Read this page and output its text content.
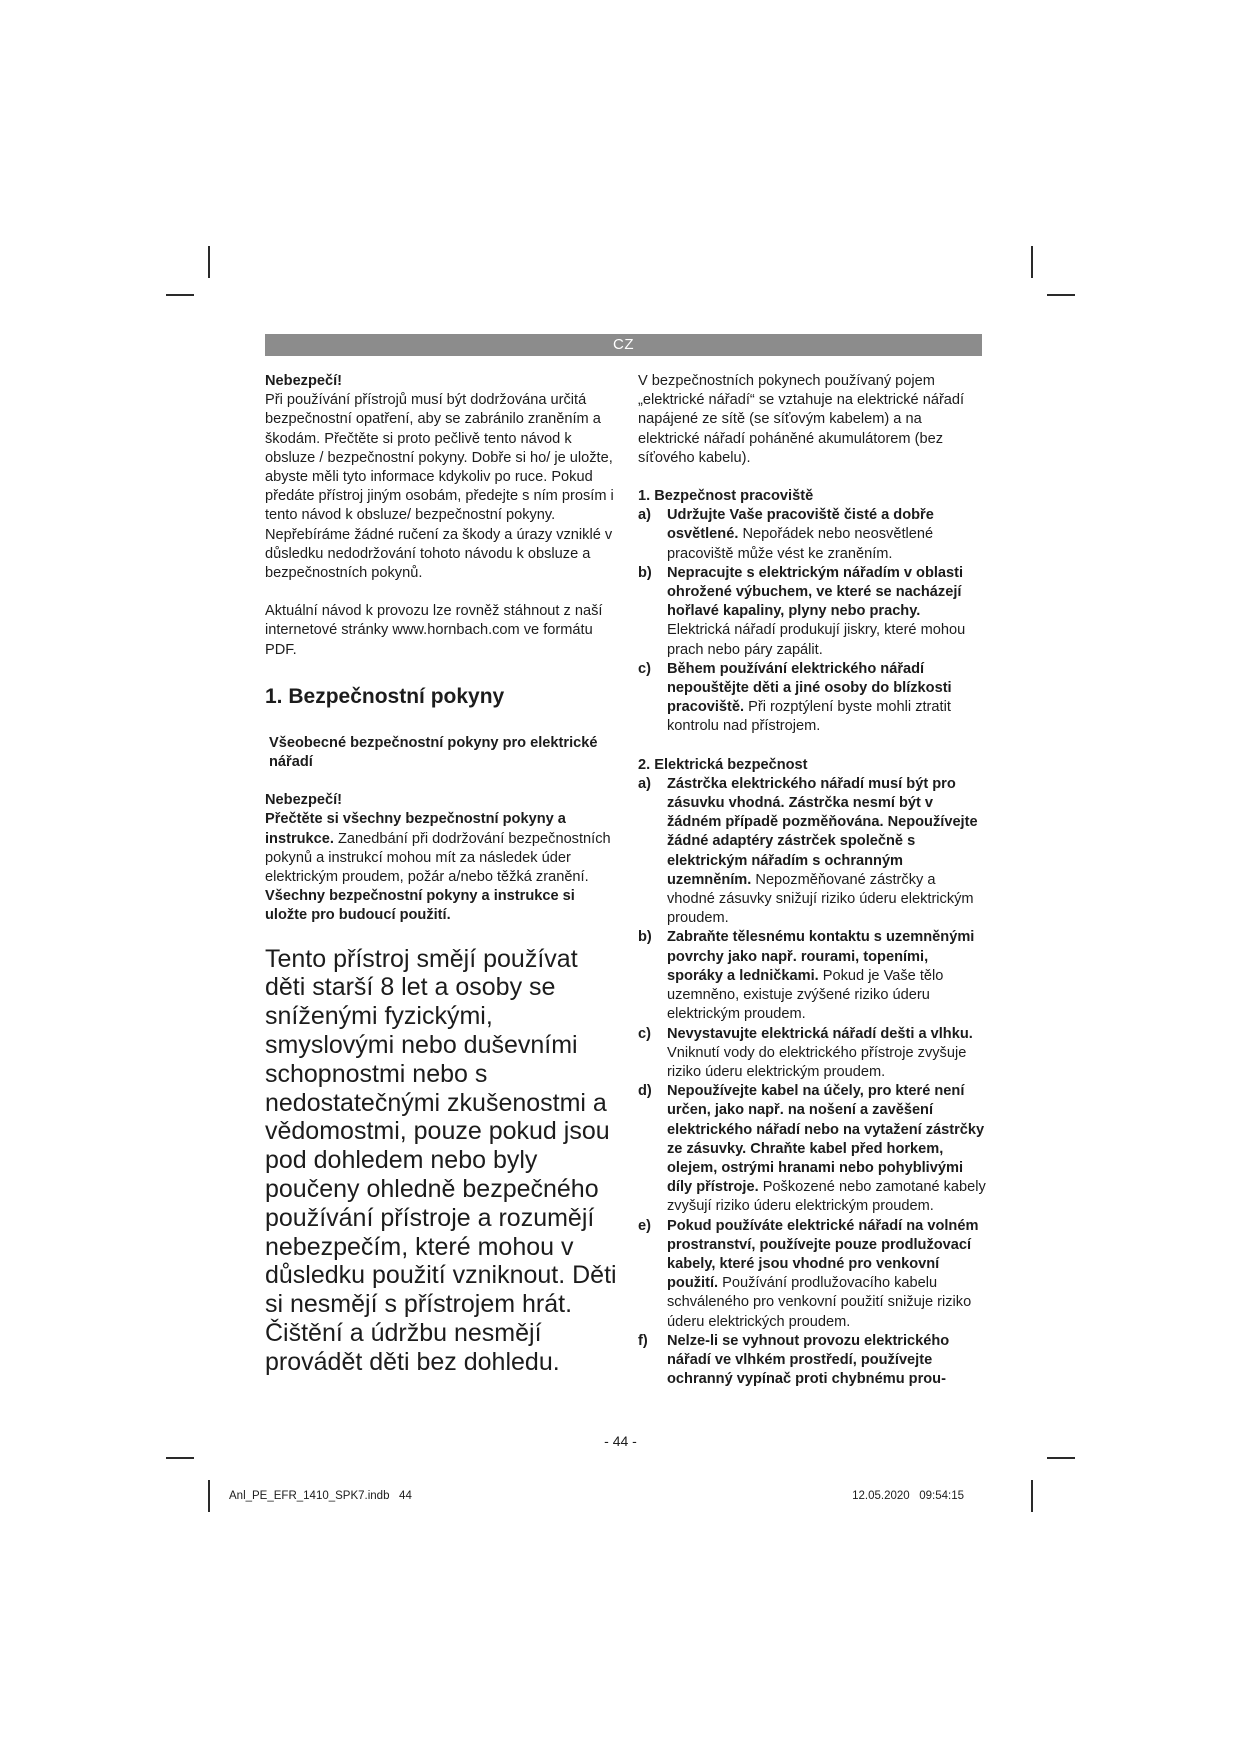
CZ

Nebezpečí!

Při používání přístrojů musí být dodržována určitá bezpečnostní opatření, aby se zabránilo zraněním a škodám. Přečtěte si proto pečlivě tento návod k obsluze / bezpečnostní pokyny. Dobře si ho/ je uložte, abyste měli tyto informace kdykoliv po ruce. Pokud předáte přístroj jiným osobám, předejte s ním prosím i tento návod k obsluze/ bezpečnostní pokyny. Nepřebíráme žádné ručení za škody a úrazy vzniklé v důsledku nedodržování tohoto návodu k obsluze a bezpečnostních pokynů.

Aktuální návod k provozu lze rovněž stáhnout z naší internetové stránky www.hornbach.com ve formátu PDF.

1. Bezpečnostní pokyny

Všeobecné bezpečnostní pokyny pro elektrické nářadí

Nebezpečí!

Přečtěte si všechny bezpečnostní pokyny a instrukce. Zanedbání při dodržování bezpečnostních pokynů a instrukcí mohou mít za následek úder elektrickým proudem, požár a/nebo těžká zranění. Všechny bezpečnostní pokyny a instrukce si uložte pro budoucí použití.

Tento přístroj smějí používat děti starší 8 let a osoby se sníženými fyzickými, smyslovými nebo duševními schopnostmi nebo s nedostatečnými zkušenostmi a vědomostmi, pouze pokud jsou pod dohledem nebo byly poučeny ohledně bezpečného používání přístroje a rozumějí nebezpečím, které mohou v důsledku použití vzniknout. Děti si nesmějí s přístrojem hrát. Čištění a údržbu nesmějí provádět děti bez dohledu.

V bezpečnostních pokynech používaný pojem „elektrické nářadí“ se vztahuje na elektrické nářadí napájené ze sítě (se síťovým kabelem) a na elektrické nářadí poháněné akumulátorem (bez síťového kabelu).

1. Bezpečnost pracoviště

a) Udržujte Vaše pracoviště čisté a dobře osvětlené. Nepořádek nebo neosvětlené pracoviště může vést ke zraněním.
b) Nepracujte s elektrickým nářadím v oblasti ohrožené výbuchem, ve které se nacházejí hořlavé kapaliny, plyny nebo prachy. Elektrická nářadí produkují jiskry, které mohou prach nebo páry zapálit.
c) Během používání elektrického nářadí nepouštějte děti a jiné osoby do blízkosti pracoviště. Při rozptýlení byste mohli ztratit kontrolu nad přístrojem.

2. Elektrická bezpečnost

a) Zástrčka elektrického nářadí musí být pro zásuvku vhodná. Zástrčka nesmí být v žádném případě pozměňována. Nepoužívejte žádné adaptéry zástrček společně s elektrickým nářadím s ochranným uzemněním. Nepozměňované zástrčky a vhodné zásuvky snižují riziko úderu elektrickým proudem.
b) Zabraňte tělesnému kontaktu s uzemněnými povrchy jako např. rourami, topeními, sporáky a ledničkami. Pokud je Vaše tělo uzemněno, existuje zvýšené riziko úderu elektrickým proudem.
c) Nevystavujte elektrická nářadí dešti a vlhku. Vniknutí vody do elektrického přístroje zvyšuje riziko úderu elektrickým proudem.
d) Nepoužívejte kabel na účely, pro které není určen, jako např. na nošení a zavěšení elektrického nářadí nebo na vytažení zástrčky ze zásuvky. Chraňte kabel před horkem, olejem, ostrými hranami nebo pohyblivými díly přístroje. Poškozené nebo zamotané kabely zvyšují riziko úderu elektrickým proudem.
e) Pokud používáte elektrické nářadí na volném prostranství, používejte pouze prodlužovací kabely, které jsou vhodné pro venkovní použití. Používání prodlužovacího kabelu schváleného pro venkovní použití snižuje riziko úderu elektrických proudem.
f) Nelze-li se vyhnout provozu elektrického nářadí ve vlhkém prostředí, používejte ochranný vypínač proti chybnému prou-
- 44 -
Anl_PE_EFR_1410_SPK7.indb   44	12.05.2020   09:54:15
